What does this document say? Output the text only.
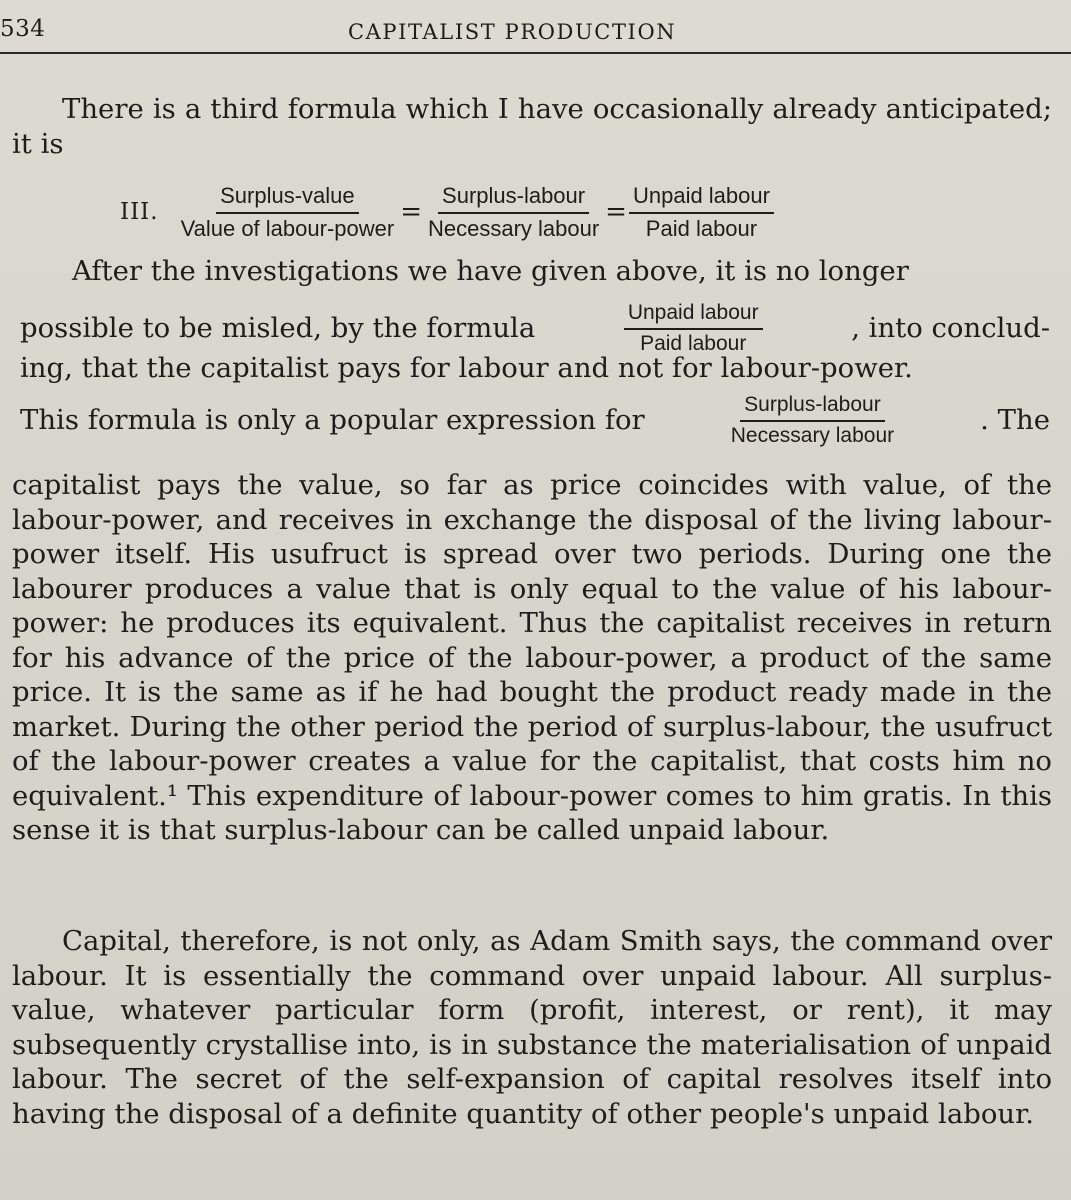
534	CAPITALIST PRODUCTION
There is a third formula which I have occasionally already anticipated; it is
III. $\frac{\text{Surplus-value}}{\text{Value of labour-power}} = \frac{\text{Surplus-labour}}{\text{Necessary labour}} = \frac{\text{Unpaid labour}}{\text{Paid labour}}$
After the investigations we have given above, it is no longer
possible to be misled, by the formula	$\frac{\text{Unpaid labour}}{\text{Paid labour}}$	, into conclud-
ing, that the capitalist pays for labour and not for labour-power.
This formula is only a popular expression for	$\frac{\text{Surplus-labour}}{\text{Necessary labour}}$	. The
capitalist pays the value, so far as price coincides with value, of the labour-power, and receives in exchange the disposal of the living labour-power itself. His usufruct is spread over two periods. During one the labourer produces a value that is only equal to the value of his labour-power: he produces its equivalent. Thus the capitalist receives in return for his advance of the price of the labour-power, a product of the same price. It is the same as if he had bought the product ready made in the market. During the other period the period of surplus-labour, the usufruct of the labour-power creates a value for the capitalist, that costs him no equivalent.¹ This expenditure of labour-power comes to him gratis. In this sense it is that surplus-labour can be called unpaid labour.
Capital, therefore, is not only, as Adam Smith says, the command over labour. It is essentially the command over unpaid labour. All surplus-value, whatever particular form (profit, interest, or rent), it may subsequently crystallise into, is in substance the materialisation of unpaid labour. The secret of the self-expansion of capital resolves itself into having the disposal of a definite quantity of other people's unpaid labour.
